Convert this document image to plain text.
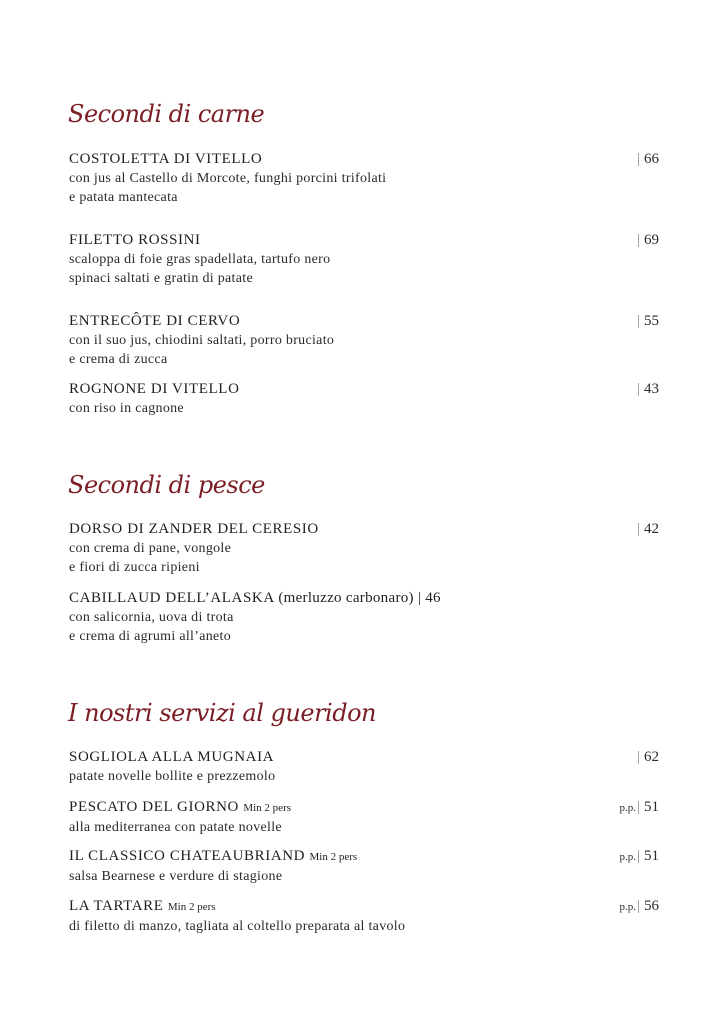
Secondi di carne
COSTOLETTA DI VITELLO	| 66
con jus al Castello di Morcote, funghi porcini trifolati
e patata mantecata
FILETTO ROSSINI	| 69
scaloppa di foie gras spadellata, tartufo nero
spinaci saltati e gratin di patate
ENTRECÔTE DI CERVO	| 55
con il suo jus, chiodini saltati, porro bruciato
e crema di zucca
ROGNONE DI VITELLO	| 43
con riso in cagnone
Secondi di pesce
DORSO DI ZANDER DEL CERESIO	| 42
con crema di pane, vongole
e fiori di zucca ripieni
CABILLAUD DELL’ALASKA (merluzzo carbonaro) | 46
con salicornia, uova di trota
e crema di agrumi all’aneto
I nostri servizi al gueridon
SOGLIOLA ALLA MUGNAIA	| 62
patate novelle bollite e prezzemolo
PESCATO DEL GIORNO Min 2 pers	p.p.| 51
alla mediterranea con patate novelle
IL CLASSICO CHATEAUBRIAND Min 2 pers	p.p.| 51
salsa Bearnese e verdure di stagione
LA TARTARE Min 2 pers	p.p.| 56
di filetto di manzo, tagliata al coltello preparata al tavolo
